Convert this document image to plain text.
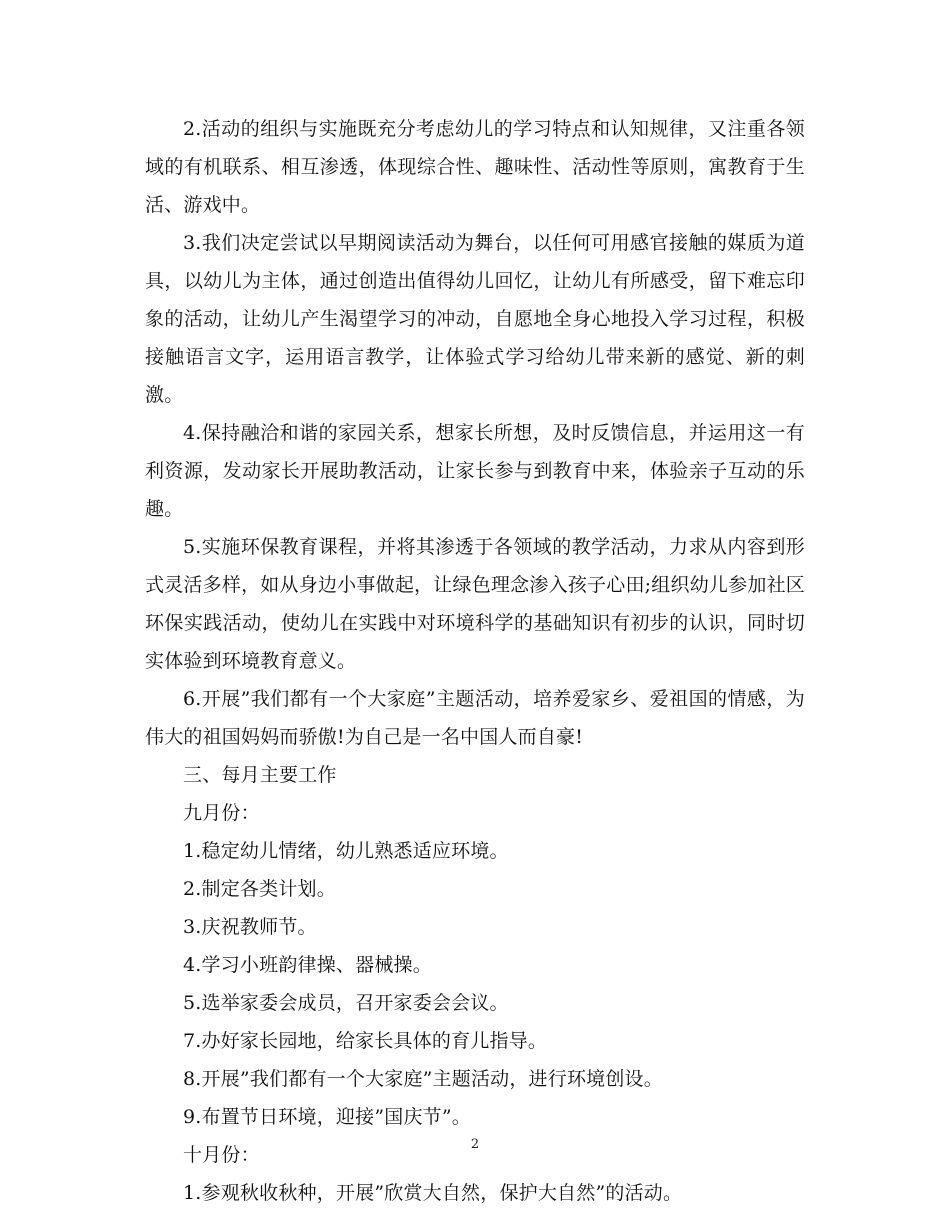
2.活动的组织与实施既充分考虑幼儿的学习特点和认知规律，又注重各领域的有机联系、相互渗透，体现综合性、趣味性、活动性等原则，寓教育于生活、游戏中。

3.我们决定尝试以早期阅读活动为舞台，以任何可用感官接触的媒质为道具，以幼儿为主体，通过创造出值得幼儿回忆，让幼儿有所感受，留下难忘印象的活动，让幼儿产生渴望学习的冲动，自愿地全身心地投入学习过程，积极接触语言文字，运用语言教学，让体验式学习给幼儿带来新的感觉、新的刺激。

4.保持融洽和谐的家园关系，想家长所想，及时反馈信息，并运用这一有利资源，发动家长开展助教活动，让家长参与到教育中来，体验亲子互动的乐趣。

5.实施环保教育课程，并将其渗透于各领域的教学活动，力求从内容到形式灵活多样，如从身边小事做起，让绿色理念渗入孩子心田;组织幼儿参加社区环保实践活动，使幼儿在实践中对环境科学的基础知识有初步的认识，同时切实体验到环境教育意义。

6.开展”我们都有一个大家庭”主题活动，培养爱家乡、爱祖国的情感，为伟大的祖国妈妈而骄傲!为自己是一名中国人而自豪!

三、每月主要工作

九月份：

1.稳定幼儿情绪，幼儿熟悉适应环境。

2.制定各类计划。

3.庆祝教师节。

4.学习小班韵律操、器械操。

5.选举家委会成员，召开家委会会议。

7.办好家长园地，给家长具体的育儿指导。

8.开展”我们都有一个大家庭”主题活动，进行环境创设。

9.布置节日环境，迎接”国庆节”。

十月份：

1.参观秋收秋种，开展”欣赏大自然，保护大自然”的活动。

2
